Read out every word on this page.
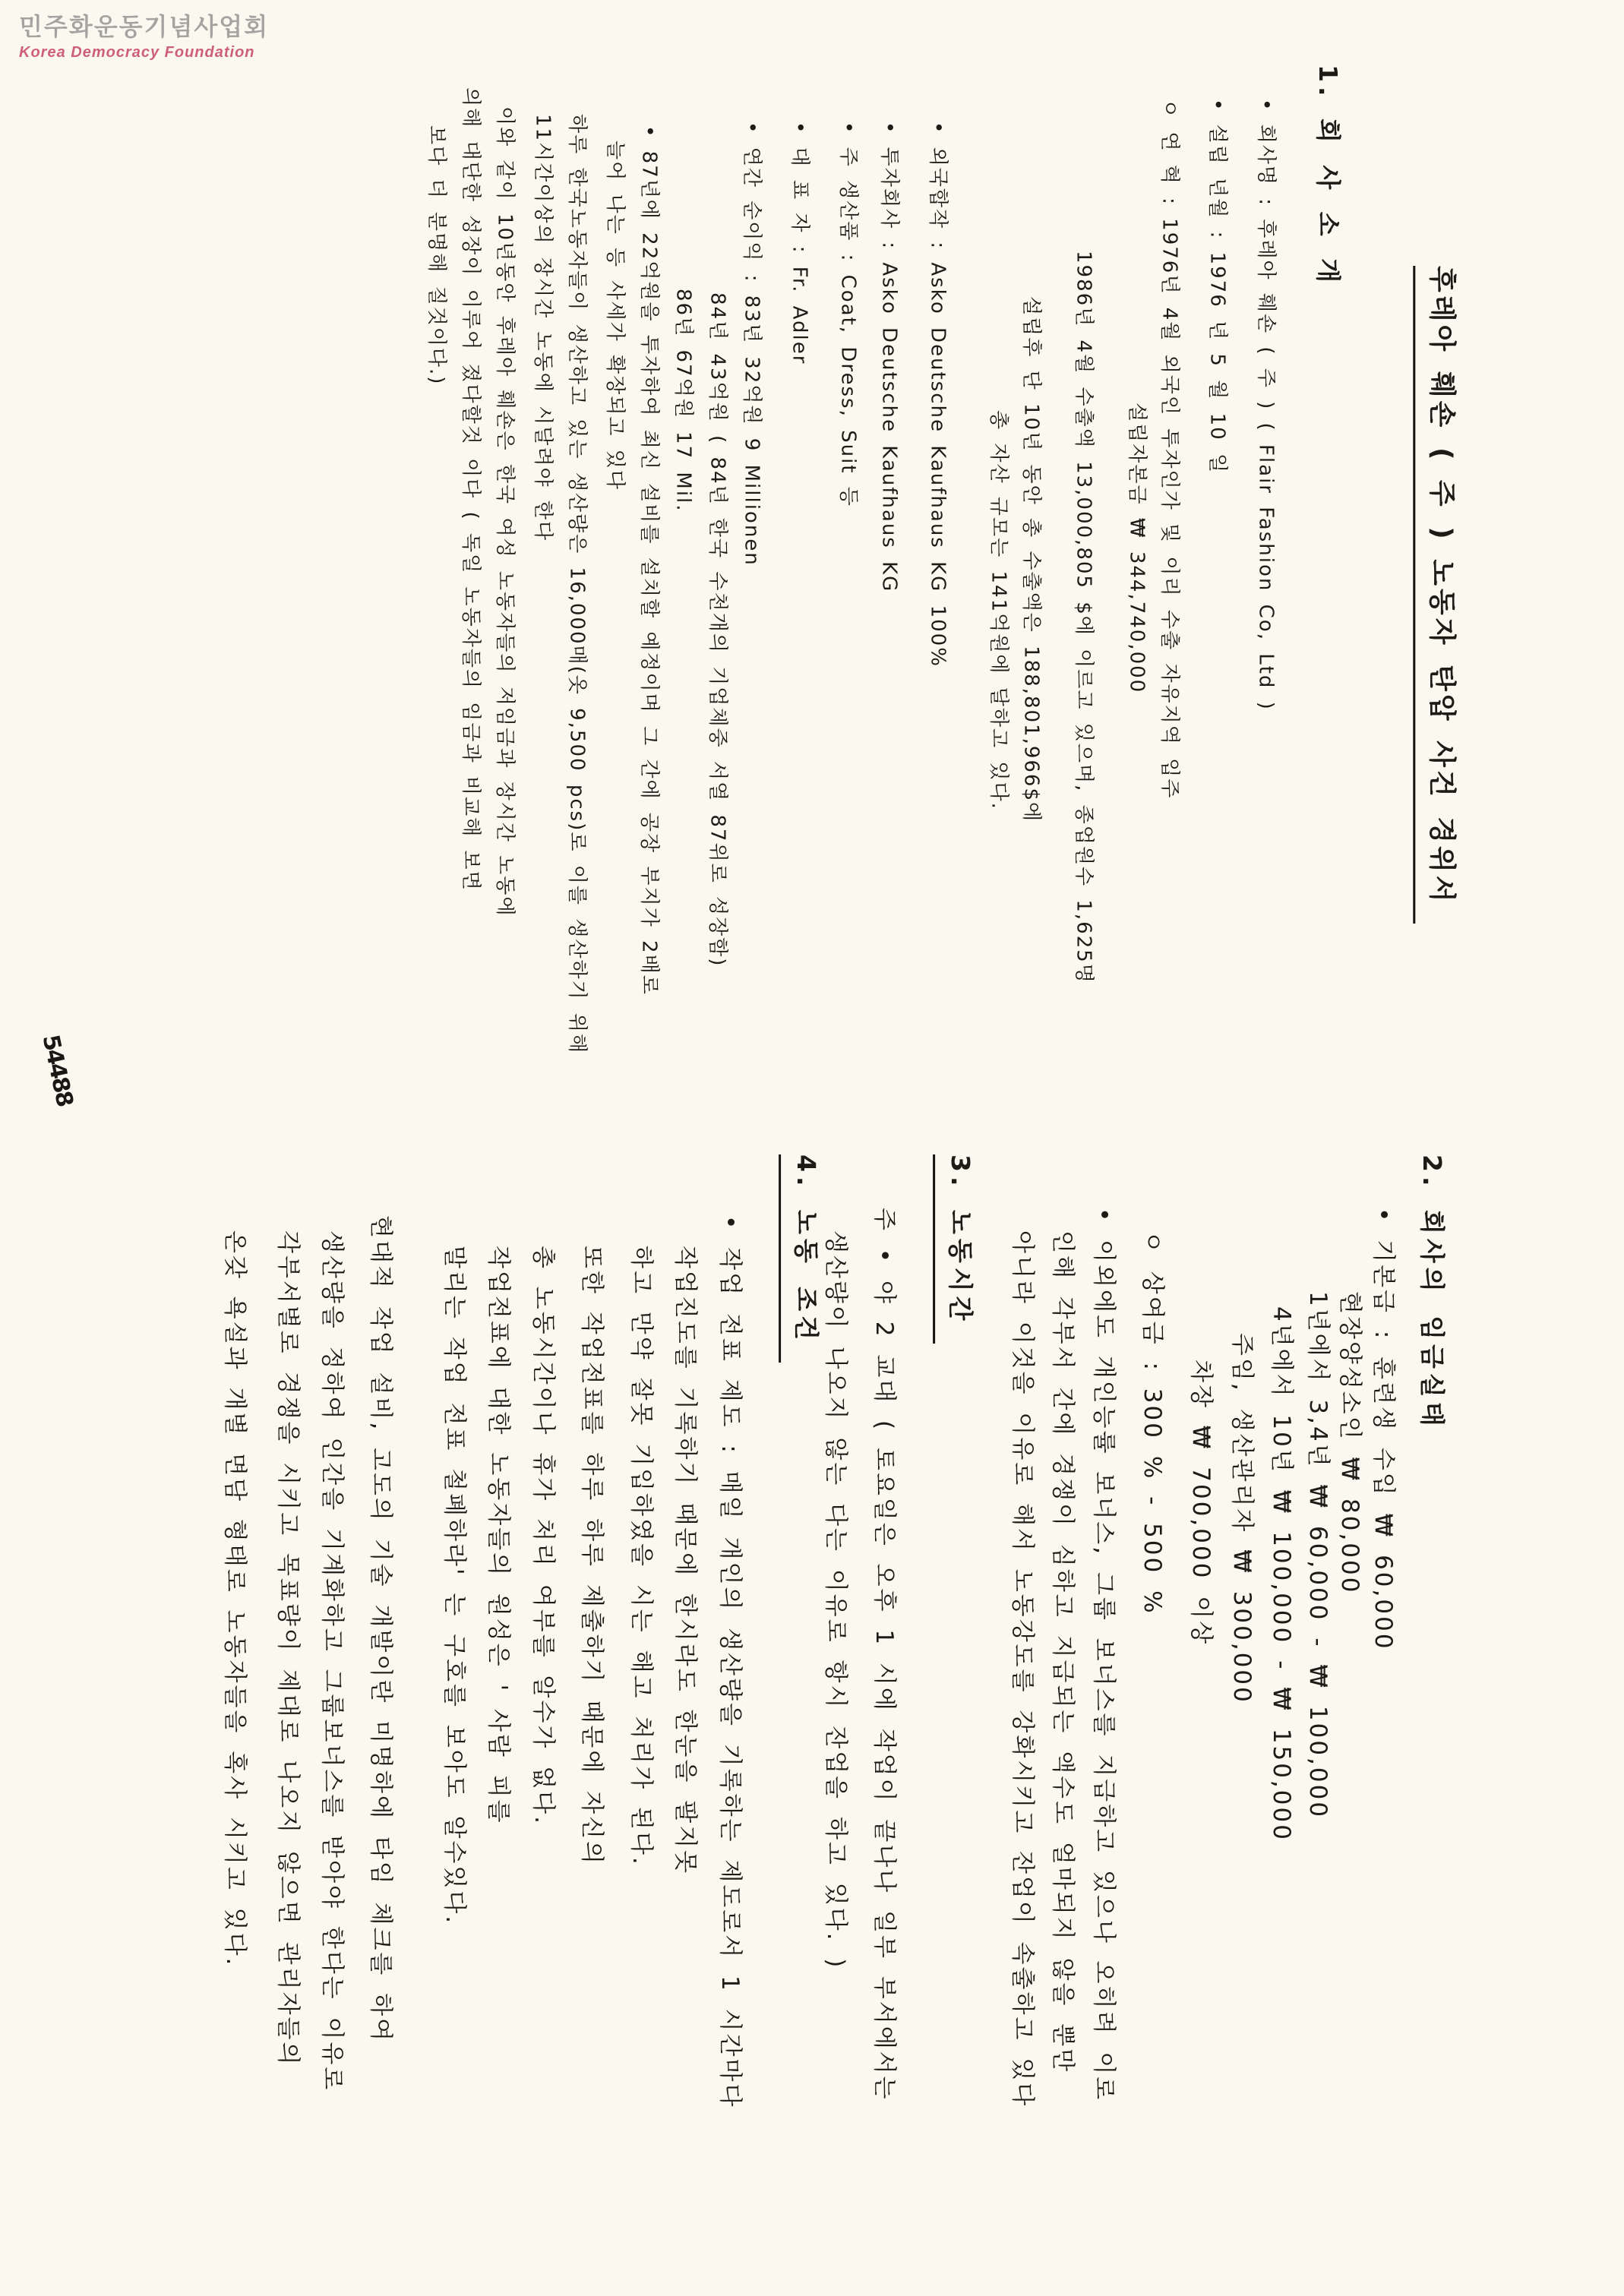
민주화운동기념사업회
Korea Democracy Foundation
54488
후레아 훼숀 ( 주 ) 노동자 탄압 사건 경위서
1. 회 사 소 개
• 회사명 : 후레아 훼숀 ( 주 ) ( Flair Fashion Co, Ltd )
• 설립 년월 : 1976 년 5 월 10 일
ㅇ 연 혁 : 1976년 4월 외국인 투자인가 및 이리 수출 자유지역 입주
설립자본금 ₩ 344,740,000
1986년 4월 수출액 13,000,805 $에 이르고 있으며, 종업원수 1,625명
설립후 단 10년 동안 총 수출액은 188,801,966$에
총 자산 규모는 141억원에 달하고 있다.
• 외국합작 : Asko Deutsche Kaufhaus KG 100%
• 투자회사 : Asko Deutsche Kaufhaus KG
• 주 생산품 : Coat, Dress, Suit 등
• 대 표 자 : Fr. Adler
• 연간 순이익 : 83년 32억원 9 Millionen
84년 43억원 ( 84년 한국 수천개의 기업체중 서열 87위로 성장함)
86년 67억원 17 Mil.
• 87년에 22억원을 투자하여 최신 설비를 설치할 예정이며 그 간에 공장 부지가 2배로
늘어 나는 등 사세가 확장되고 있다
하루 한국노동자들이 생산하고 있는 생산량은 16,000매(옷 9,500 pcs)로 이를 생산하기 위해
11시간이상의 장시간 노동에 시달려야 한다
이와 같이 10년동안 후레아 훼숀은 한국 여성 노동자들의 저임금과 장시간 노동에
의해 대단한 성장이 이루어 졌다할것 이다 ( 독일 노동자들의 임금과 비교해 보면
보다 더 분명해 질것이다.)
2. 회사의 임금실태
• 기본급 : 훈련생 수입 ₩ 60,000
현장양성소인 ₩ 80,000
1년에서 3,4년 ₩ 60,000 - ₩ 100,000
4년에서 10년 ₩ 100,000 - ₩ 150,000
주임, 생산관리자 ₩ 300,000
차장 ₩ 700,000 이상
ㅇ 상여금 : 300 % - 500 %
• 이외에도 개인능률 보너스, 그룹 보너스를 지급하고 있으나 오히려 이로
인해 각부서 간에 경쟁이 심하고 지급되는 액수도 얼마되지 않을 뿐만
아니라 이것을 이유로 해서 노동강도를 강화시키고 잔업이 속출하고 있다
3. 노동시간
주 • 야 2 교대 ( 토요일은 오후 1 시에 작업이 끝나나 일부 부서에서는
생산량이 나오지 않는 다는 이유로 항시 잔업을 하고 있다. )
4. 노동 조건
• 작업 전표 제도 : 매일 개인의 생산량을 기록하는 제도로서 1 시간마다
작업진도를 기록하기 때문에 한시라도 한눈을 팔지못
하고 만약 잘못 기입하였을 시는 해고 처리가 된다.
또한 작업전표를 하루 하루 제출하기 때문에 자신의
총 노동시간이나 휴가 처리 여부를 알수가 없다.
작업전표에 대한 노동자들의 원성은 ' 사람 피를
말리는 작업 전표 철폐하라' 는 구호를 보아도 알수있다.
현대적 작업 설비, 고도의 기술 개발이란 미명하에 타임 체크를 하여
생산량을 정하여 인간을 기계화하고 그룹보너스를 받아야 한다는 이유로
각부서별로 경쟁을 시키고 목표량이 제대로 나오지 않으면 관리자들의
온갖 욕설과 개별 면담 형태로 노동자들을 혹사 시키고 있다.
